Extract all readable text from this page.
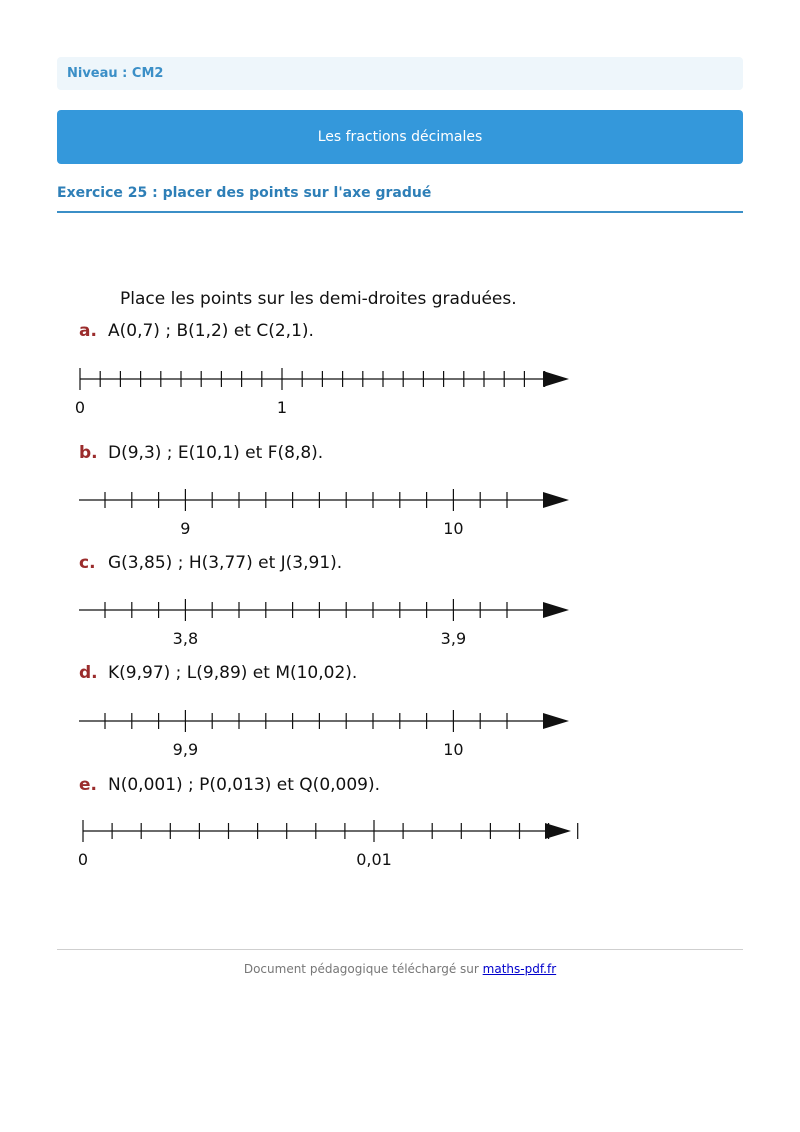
Niveau : CM2
Les fractions décimales
Exercice 25 : placer des points sur l'axe gradué
Place les points sur les demi-droites graduées.
a. A(0,7) ; B(1,2) et C(2,1).
0	1
b. D(9,3) ; E(10,1) et F(8,8).
9	10
c. G(3,85) ; H(3,77) et J(3,91).
3,8	3,9
d. K(9,97) ; L(9,89) et M(10,02).
9,9	10
e. N(0,001) ; P(0,013) et Q(0,009).
0	0,01
Document pédagogique téléchargé sur maths-pdf.fr
